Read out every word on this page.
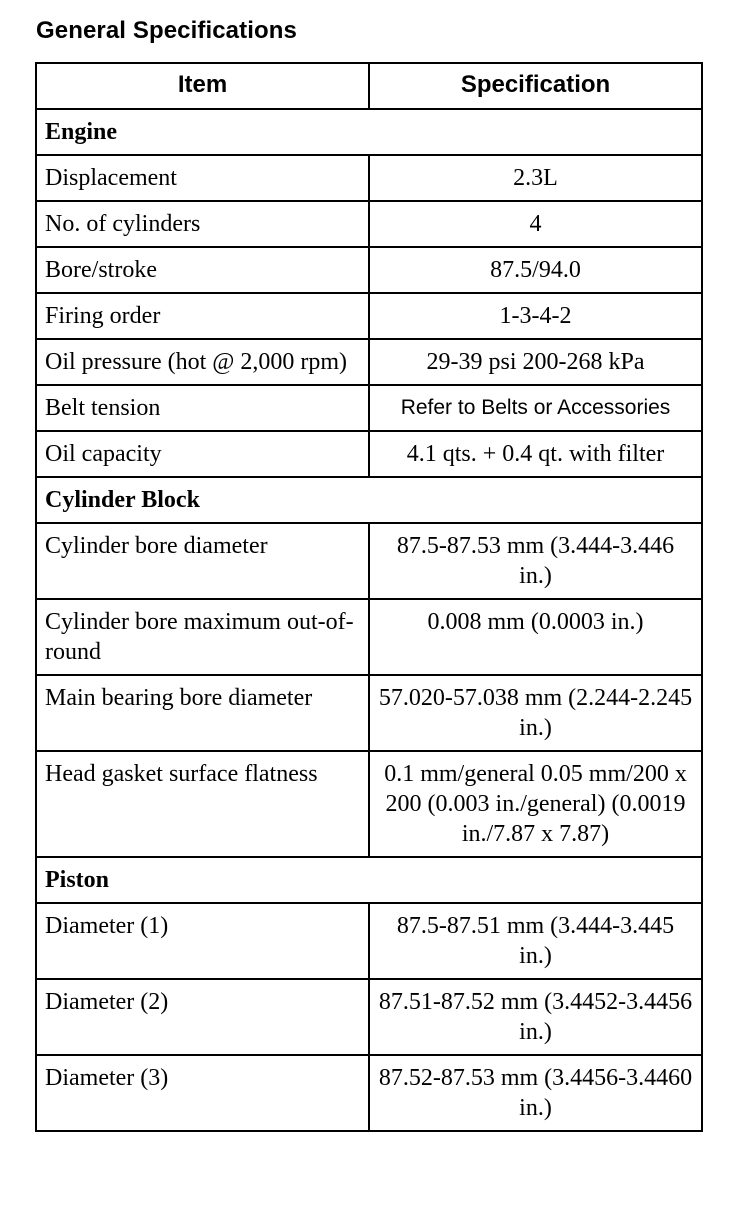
General Specifications
Item	Specification
Engine	
Displacement	2.3L
No. of cylinders	4
Bore/stroke	87.5/94.0
Firing order	1-3-4-2
Oil pressure (hot @ 2,000 rpm)	29-39 psi 200-268 kPa
Belt tension	Refer to Belts or Accessories
Oil capacity	4.1 qts. + 0.4 qt. with filter
Cylinder Block	
Cylinder bore diameter	87.5-87.53 mm (3.444-3.446 in.)
Cylinder bore maximum out-of-round	0.008 mm (0.0003 in.)
Main bearing bore diameter	57.020-57.038 mm (2.244-2.245 in.)
Head gasket surface flatness	0.1 mm/general 0.05 mm/200 x 200 (0.003 in./general) (0.0019 in./7.87 x 7.87)
Piston	
Diameter (1)	87.5-87.51 mm (3.444-3.445 in.)
Diameter (2)	87.51-87.52 mm (3.4452-3.4456 in.)
Diameter (3)	87.52-87.53 mm (3.4456-3.4460 in.)
